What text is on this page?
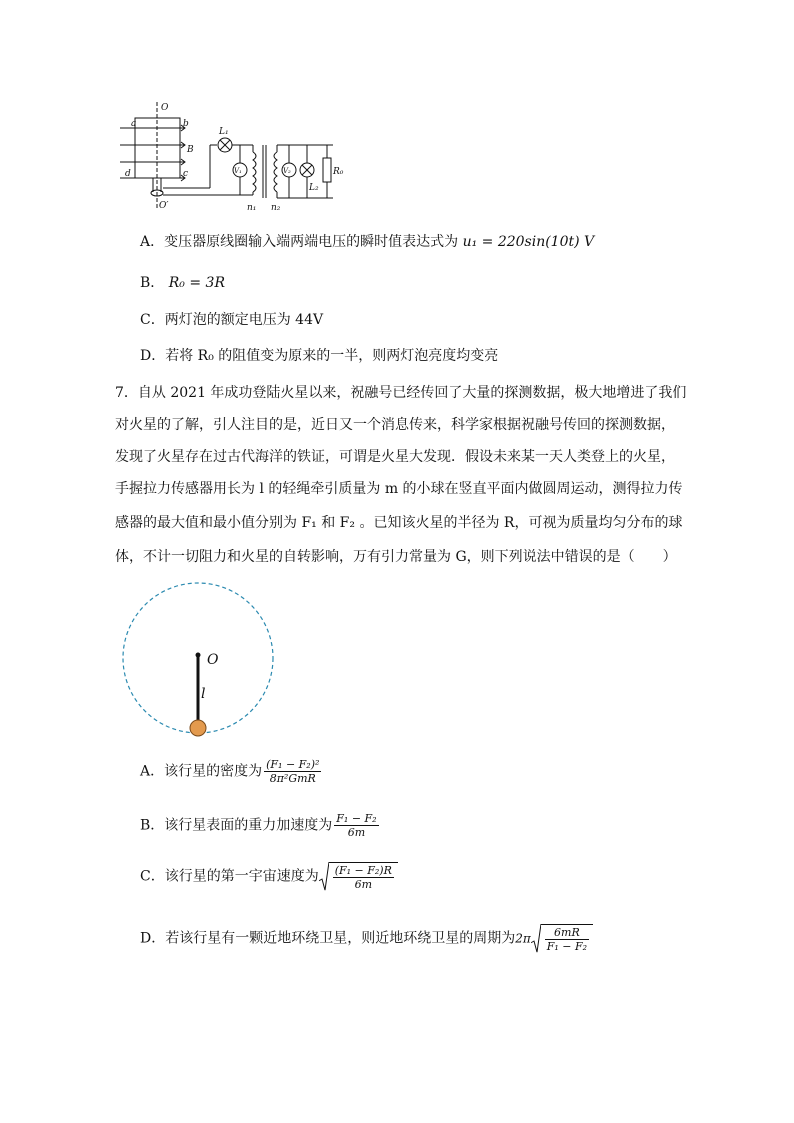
O
a	b
B
c
d
O′
L₁
V₁	V₂
L₂
R₀
n₁ n₂
A．变压器原线圈输入端两端电压的瞬时值表达式为 u₁ = 220sin(10t) V
B． R₀ = 3R
C．两灯泡的额定电压为 44V
D．若将 R₀ 的阻值变为原来的一半，则两灯泡亮度均变亮
7．自从 2021 年成功登陆火星以来，祝融号已经传回了大量的探测数据，极大地增进了我们
对火星的了解，引人注目的是，近日又一个消息传来，科学家根据祝融号传回的探测数据，
发现了火星存在过古代海洋的铁证，可谓是火星大发现．假设未来某一天人类登上的火星，
手握拉力传感器用长为 l 的轻绳牵引质量为 m 的小球在竖直平面内做圆周运动，测得拉力传
感器的最大值和最小值分别为 F₁ 和 F₂ 。已知该火星的半径为 R，可视为质量均匀分布的球
体，不计一切阻力和火星的自转影响，万有引力常量为 G，则下列说法中错误的是（　　）
O
l
A．该行星的密度为 $\frac{\text{(F₁ − F₂)²}}{\text{8π²GmR}}$
B．该行星表面的重力加速度为 $\frac{\text{F₁ − F₂}}{6m}$
C．该行星的第一宇宙速度为 $\frac{\text{(F₁ − F₂)R}}{6m}$
D．若该行星有一颗近地环绕卫星，则近地环绕卫星的周期为$2\pi \frac{6mR}{\text{F₁ − F₂}}$
